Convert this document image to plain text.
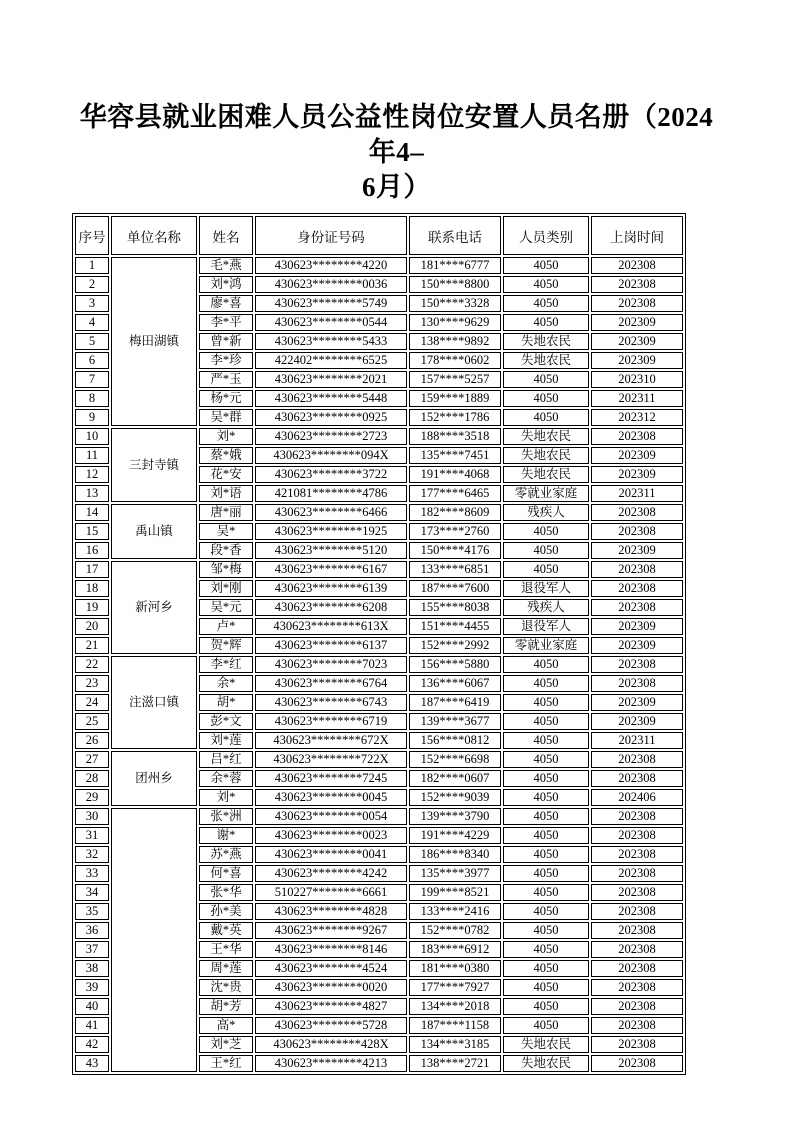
华容县就业困难人员公益性岗位安置人员名册（2024年4–
6月）
序号	单位名称	姓名	身份证号码	联系电话	人员类别	上岗时间
1	梅田湖镇	毛*燕	430623********4220	181****6777	4050	202308
2		刘*鸿	430623********0036	150****8800	4050	202308
3		廖*喜	430623********5749	150****3328	4050	202308
4		李*平	430623********0544	130****9629	4050	202309
5		曾*新	430623********5433	138****9892	失地农民	202309
6		李*珍	422402********6525	178****0602	失地农民	202309
7		严*玉	430623********2021	157****5257	4050	202310
8		杨*元	430623********5448	159****1889	4050	202311
9		吴*群	430623********0925	152****1786	4050	202312
10	三封寺镇	刘*	430623********2723	188****3518	失地农民	202308
11		蔡*娥	430623********094X	135****7451	失地农民	202309
12		花*安	430623********3722	191****4068	失地农民	202309
13		刘*语	421081********4786	177****6465	零就业家庭	202311
14	禹山镇	唐*丽	430623********6466	182****8609	残疾人	202308
15		吴*	430623********1925	173****2760	4050	202308
16		段*香	430623********5120	150****4176	4050	202309
17	新河乡	邹*梅	430623********6167	133****6851	4050	202308
18		刘*刚	430623********6139	187****7600	退役军人	202308
19		吴*元	430623********6208	155****8038	残疾人	202308
20		卢*	430623********613X	151****4455	退役军人	202309
21		贺*辉	430623********6137	152****2992	零就业家庭	202309
22	注滋口镇	李*红	430623********7023	156****5880	4050	202308
23		余*	430623********6764	136****6067	4050	202308
24		胡*	430623********6743	187****6419	4050	202309
25		彭*文	430623********6719	139****3677	4050	202309
26		刘*莲	430623********672X	156****0812	4050	202311
27	团州乡	吕*红	430623********722X	152****6698	4050	202308
28		余*蓉	430623********7245	182****0607	4050	202308
29		刘*	430623********0045	152****9039	4050	202406
30		张*洲	430623********0054	139****3790	4050	202308
31		谢*	430623********0023	191****4229	4050	202308
32		苏*燕	430623********0041	186****8340	4050	202308
33		何*喜	430623********4242	135****3977	4050	202308
34		张*华	510227********6661	199****8521	4050	202308
35		孙*美	430623********4828	133****2416	4050	202308
36		戴*英	430623********9267	152****0782	4050	202308
37		王*华	430623********8146	183****6912	4050	202308
38		周*莲	430623********4524	181****0380	4050	202308
39		沈*贵	430623********0020	177****7927	4050	202308
40		胡*芳	430623********4827	134****2018	4050	202308
41		高*	430623********5728	187****1158	4050	202308
42		刘*芝	430623********428X	134****3185	失地农民	202308
43		王*红	430623********4213	138****2721	失地农民	202308
